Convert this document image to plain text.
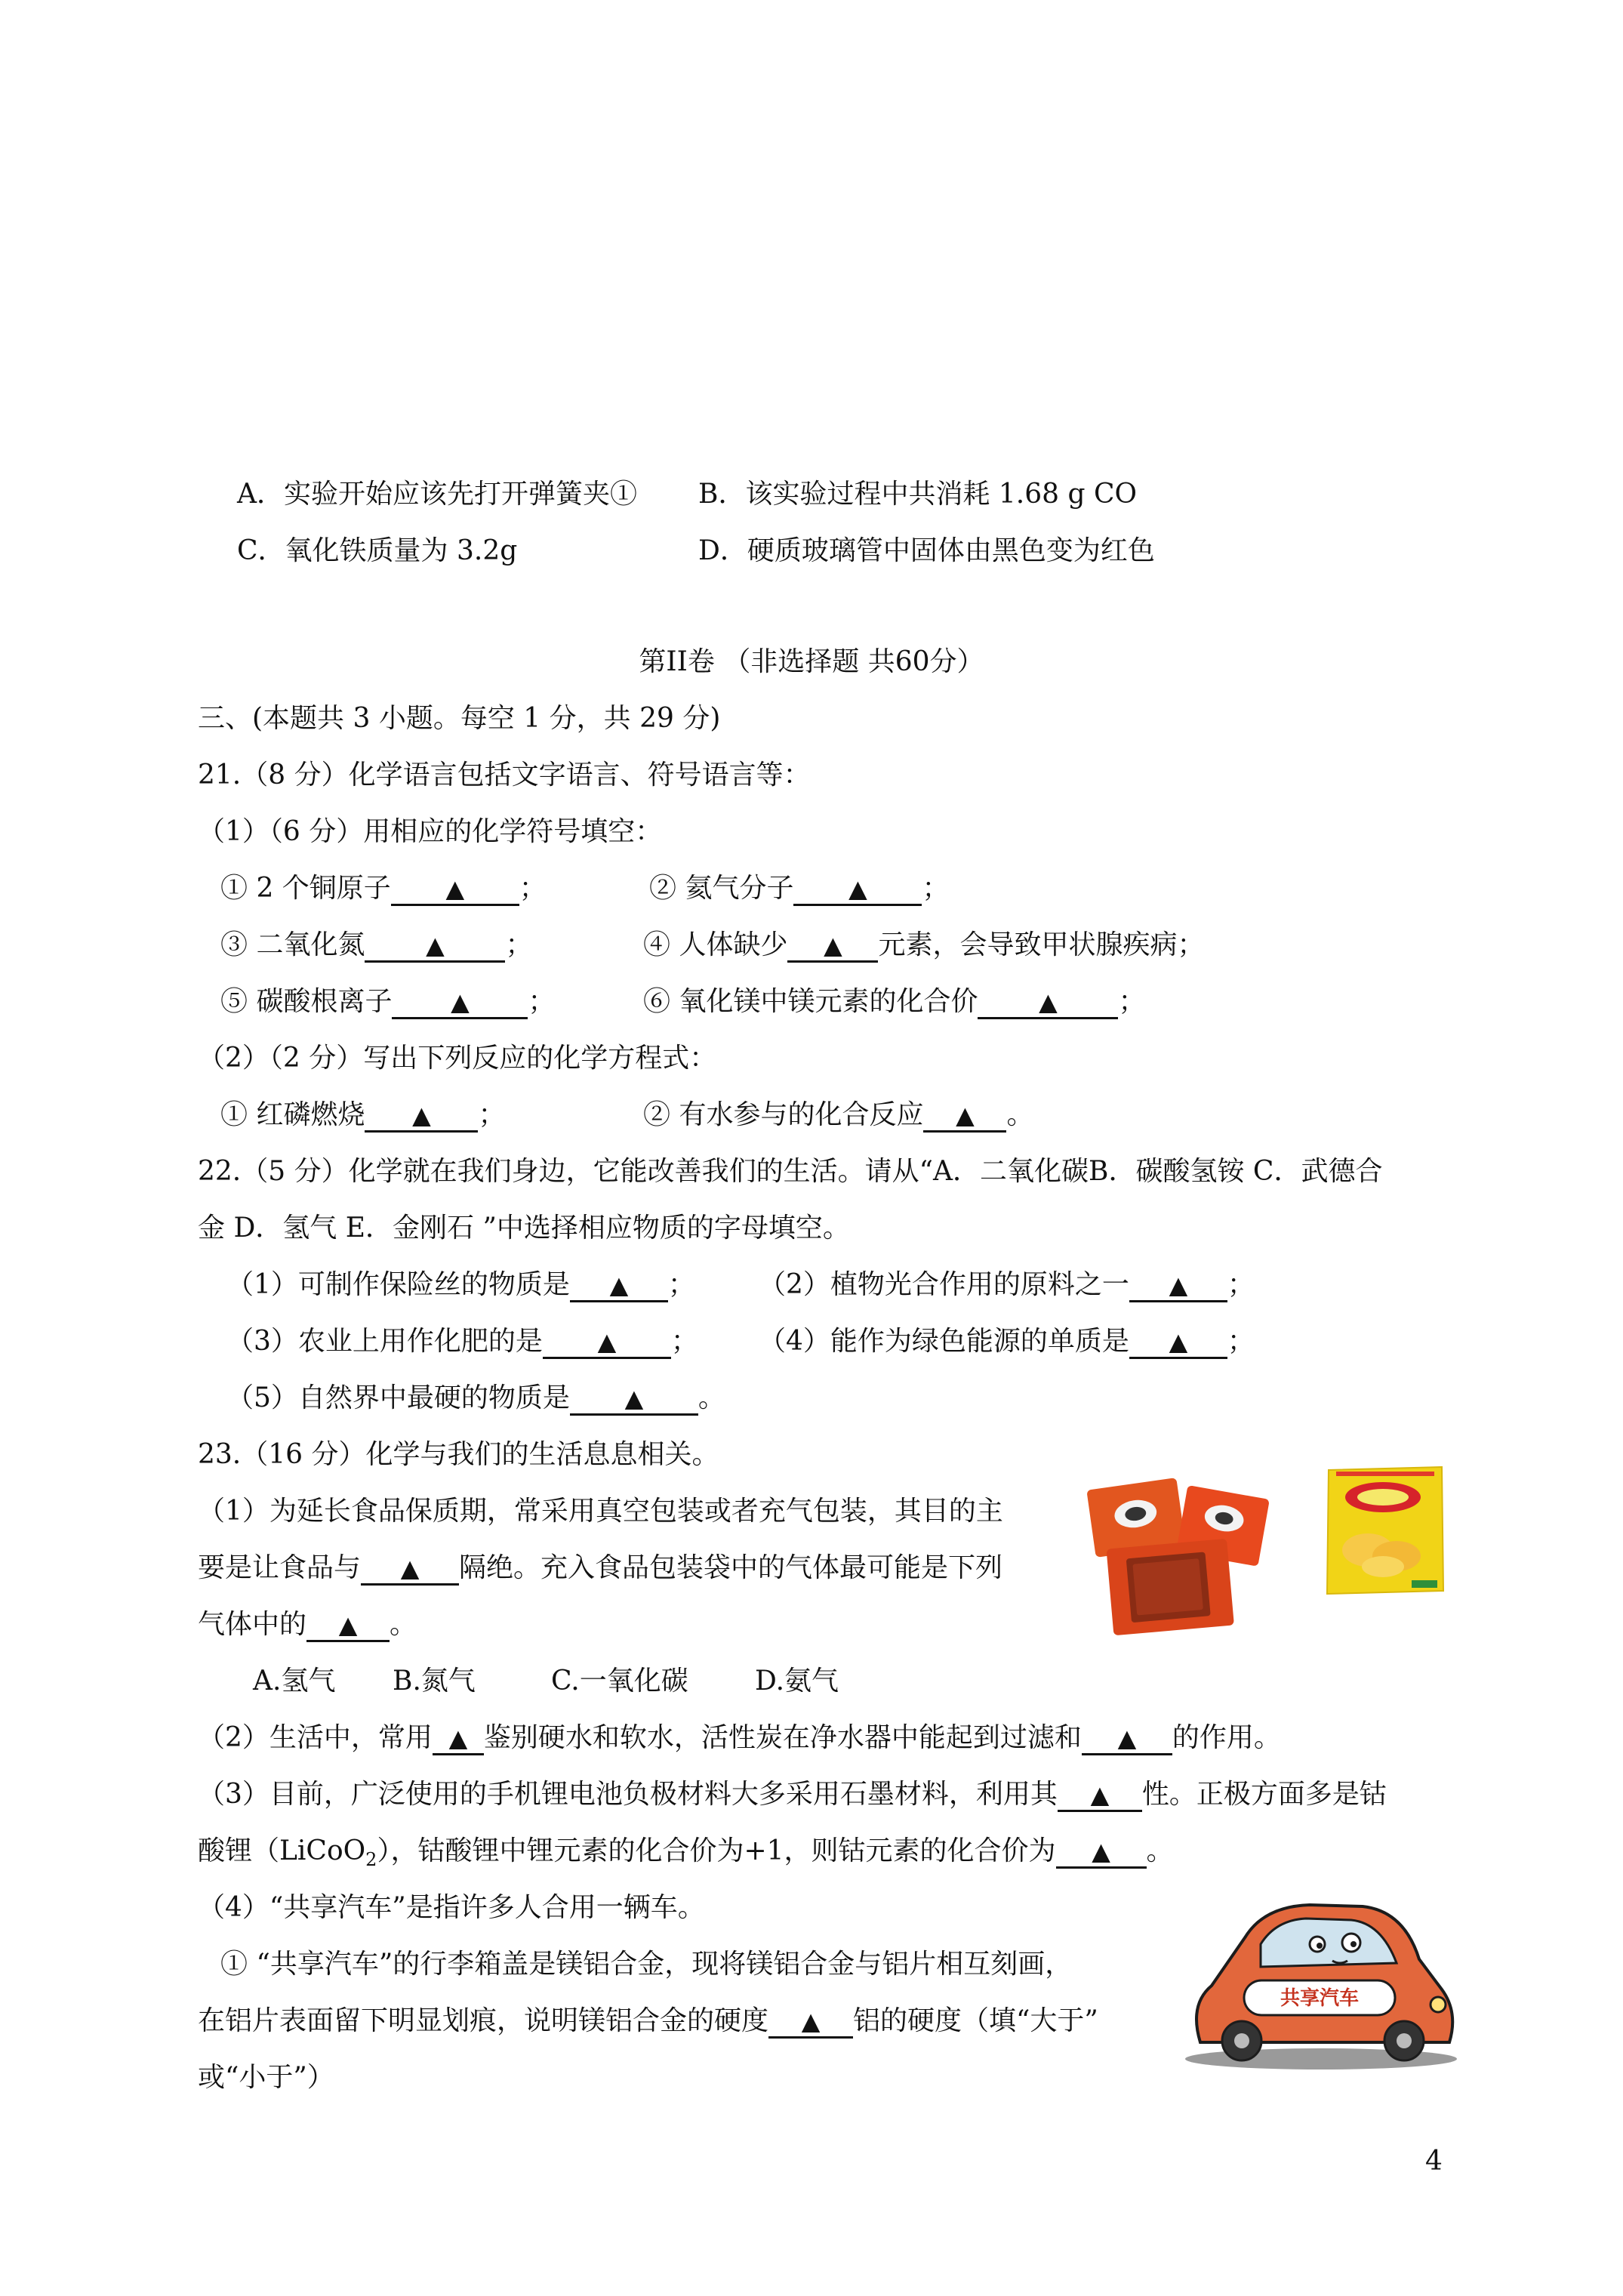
A．实验开始应该先打开弹簧夹① B．该实验过程中共消耗 1.68 g CO
C．氧化铁质量为 3.2g	D．硬质玻璃管中固体由黑色变为红色
第II卷 （非选择题 共60分）
三、(本题共 3 小题。每空 1 分，共 29 分)
21.（8 分）化学语言包括文字语言、符号语言等：
（1）（6 分）用相应的化学符号填空：
① 2 个铜原子 ▲ ；	② 氦气分子 ▲ ；
③ 二氧化氮	▲ ；	④ 人体缺少 ▲ 元素，会导致甲状腺疾病；
⑤ 碳酸根离子 ▲ ；	⑥ 氧化镁中镁元素的化合价	▲ ；
（2）（2 分）写出下列反应的化学方程式：
① 红磷燃烧 ▲ ；	② 有水参与的化合反应 ▲ 。
22.（5 分）化学就在我们身边，它能改善我们的生活。请从“A．二氧化碳B．碳酸氢铵 C．武德合
金 D．氢气 E．金刚石 ”中选择相应物质的字母填空。
（1）可制作保险丝的物质是 ▲ ； （2）植物光合作用的原料之一 ▲ ；
（3）农业上用作化肥的是 ▲ ； （4）能作为绿色能源的单质是 ▲ ；
（5）自然界中最硬的物质是 ▲ 。
23.（16 分）化学与我们的生活息息相关。
（1）为延长食品保质期，常采用真空包装或者充气包装，其目的主
要是让食品与 ▲ 隔绝。充入食品包装袋中的气体最可能是下列
气体中的 ▲ 。
A.氢气 B.氮气	C.一氧化碳 D.氨气
（2）生活中，常用 ▲ 鉴别硬水和软水，活性炭在净水器中能起到过滤和 ▲ 的作用。
（3）目前，广泛使用的手机锂电池负极材料大多采用石墨材料，利用其 ▲ 性。正极方面多是钴
酸锂（LiCoO$_2$），钴酸锂中锂元素的化合价为+1，则钴元素的化合价为 ▲ 。
（4）“共享汽车”是指许多人合用一辆车。
① “共享汽车”的行李箱盖是镁铝合金，现将镁铝合金与铝片相互刻画，
在铝片表面留下明显划痕，说明镁铝合金的硬度 ▲ 铝的硬度（填“大于”
或“小于”）
共享汽车
4
